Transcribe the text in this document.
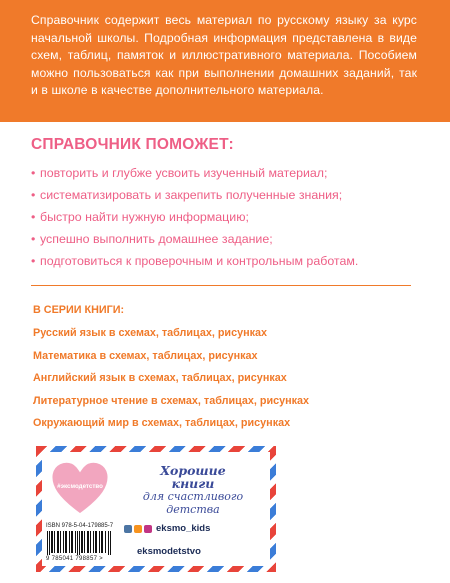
Справочник содержит весь материал по русскому языку за курс начальной школы. Подробная информация представлена в виде схем, таблиц, памяток и иллюстративного материала. Пособием можно пользоваться как при выполнении домашних заданий, так и в школе в качестве дополнительного материала.

СПРАВОЧНИК ПОМОЖЕТ:

• повторить и глубже усвоить изученный материал;
• систематизировать и закрепить полученные знания;
• быстро найти нужную информацию;
• успешно выполнить домашнее задание;
• подготовиться к проверочным и контрольным работам.

В СЕРИИ КНИГИ:

Русский язык в схемах, таблицах, рисунках
Математика в схемах, таблицах, рисунках
Английский язык в схемах, таблицах, рисунках
Литературное чтение в схемах, таблицах, рисунках
Окружающий мир в схемах, таблицах, рисунках
#эксмодетство
Хорошие
книги
для счастливого
детства
ISBN 978-5-04-179885-7
9 785041 798857 >
eksmo_kids
eksmodetstvo
